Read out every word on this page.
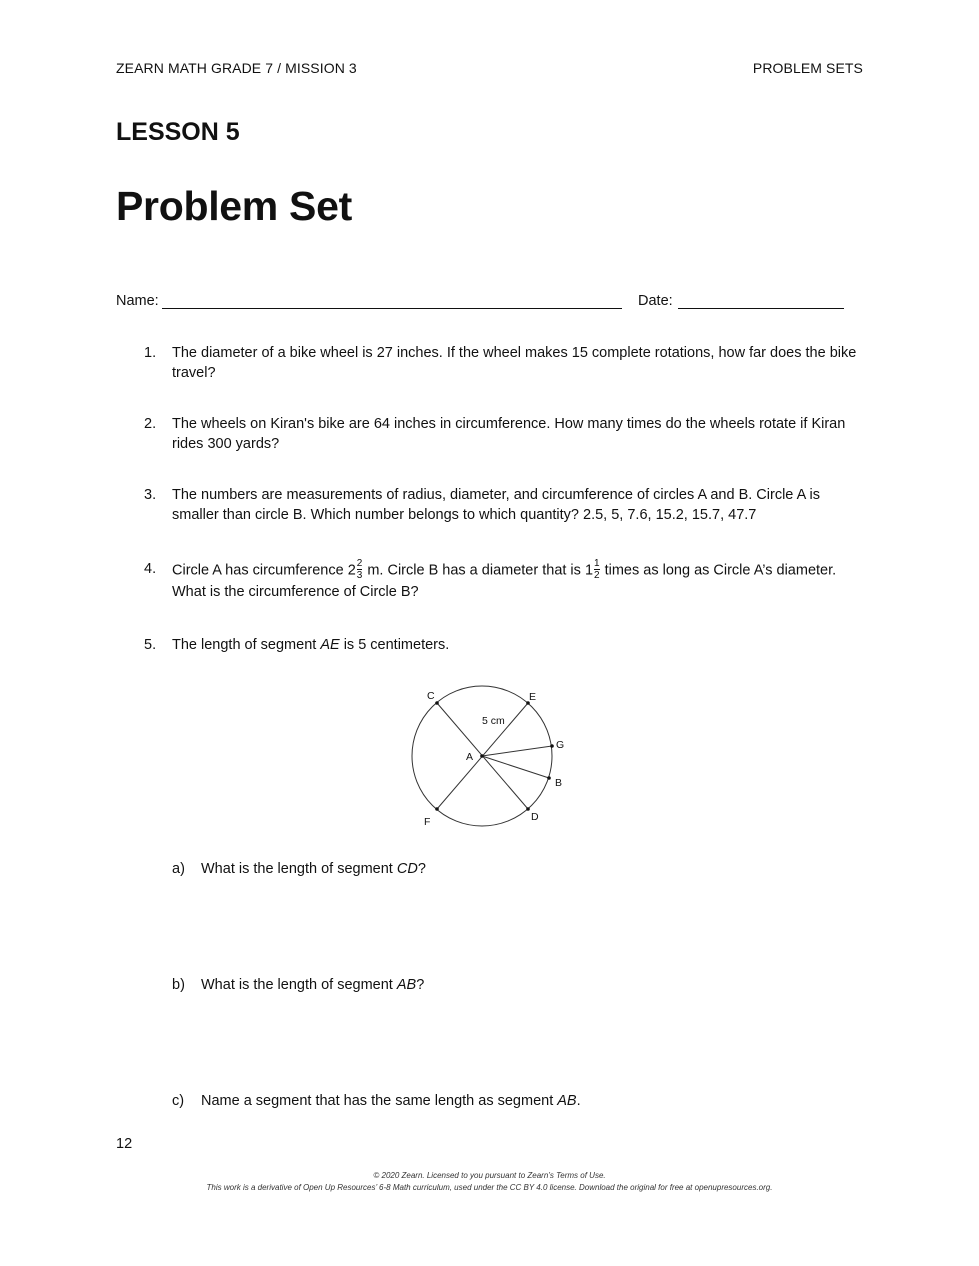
ZEARN MATH GRADE 7 / MISSION 3	PROBLEM SETS
LESSON 5
Problem Set
Name:	Date:
1. The diameter of a bike wheel is 27 inches. If the wheel makes 15 complete rotations, how far does the bike travel?
2. The wheels on Kiran's bike are 64 inches in circumference. How many times do the wheels rotate if Kiran rides 300 yards?
3. The numbers are measurements of radius, diameter, and circumference of circles A and B. Circle A is smaller than circle B. Which number belongs to which quantity? 2.5, 5, 7.6, 15.2, 15.7, 47.7
4. Circle A has circumference $2 \frac{2}{3} m$. Circle B has a diameter that is $1 \frac{1}{2}$ times as long as Circle A’s diameter.
What is the circumference of Circle B?
5. The length of segment AE is 5 centimeters.
C	E
G
A
B
F	D
5 cm
a) What is the length of segment CD?
b) What is the length of segment AB?
c) Name a segment that has the same length as segment AB.
12
© 2020 Zearn. Licensed to you pursuant to Zearn’s Terms of Use.
This work is a derivative of Open Up Resources’ 6-8 Math curriculum, used under the CC BY 4.0 license. Download the original for free at openupresources.org.
